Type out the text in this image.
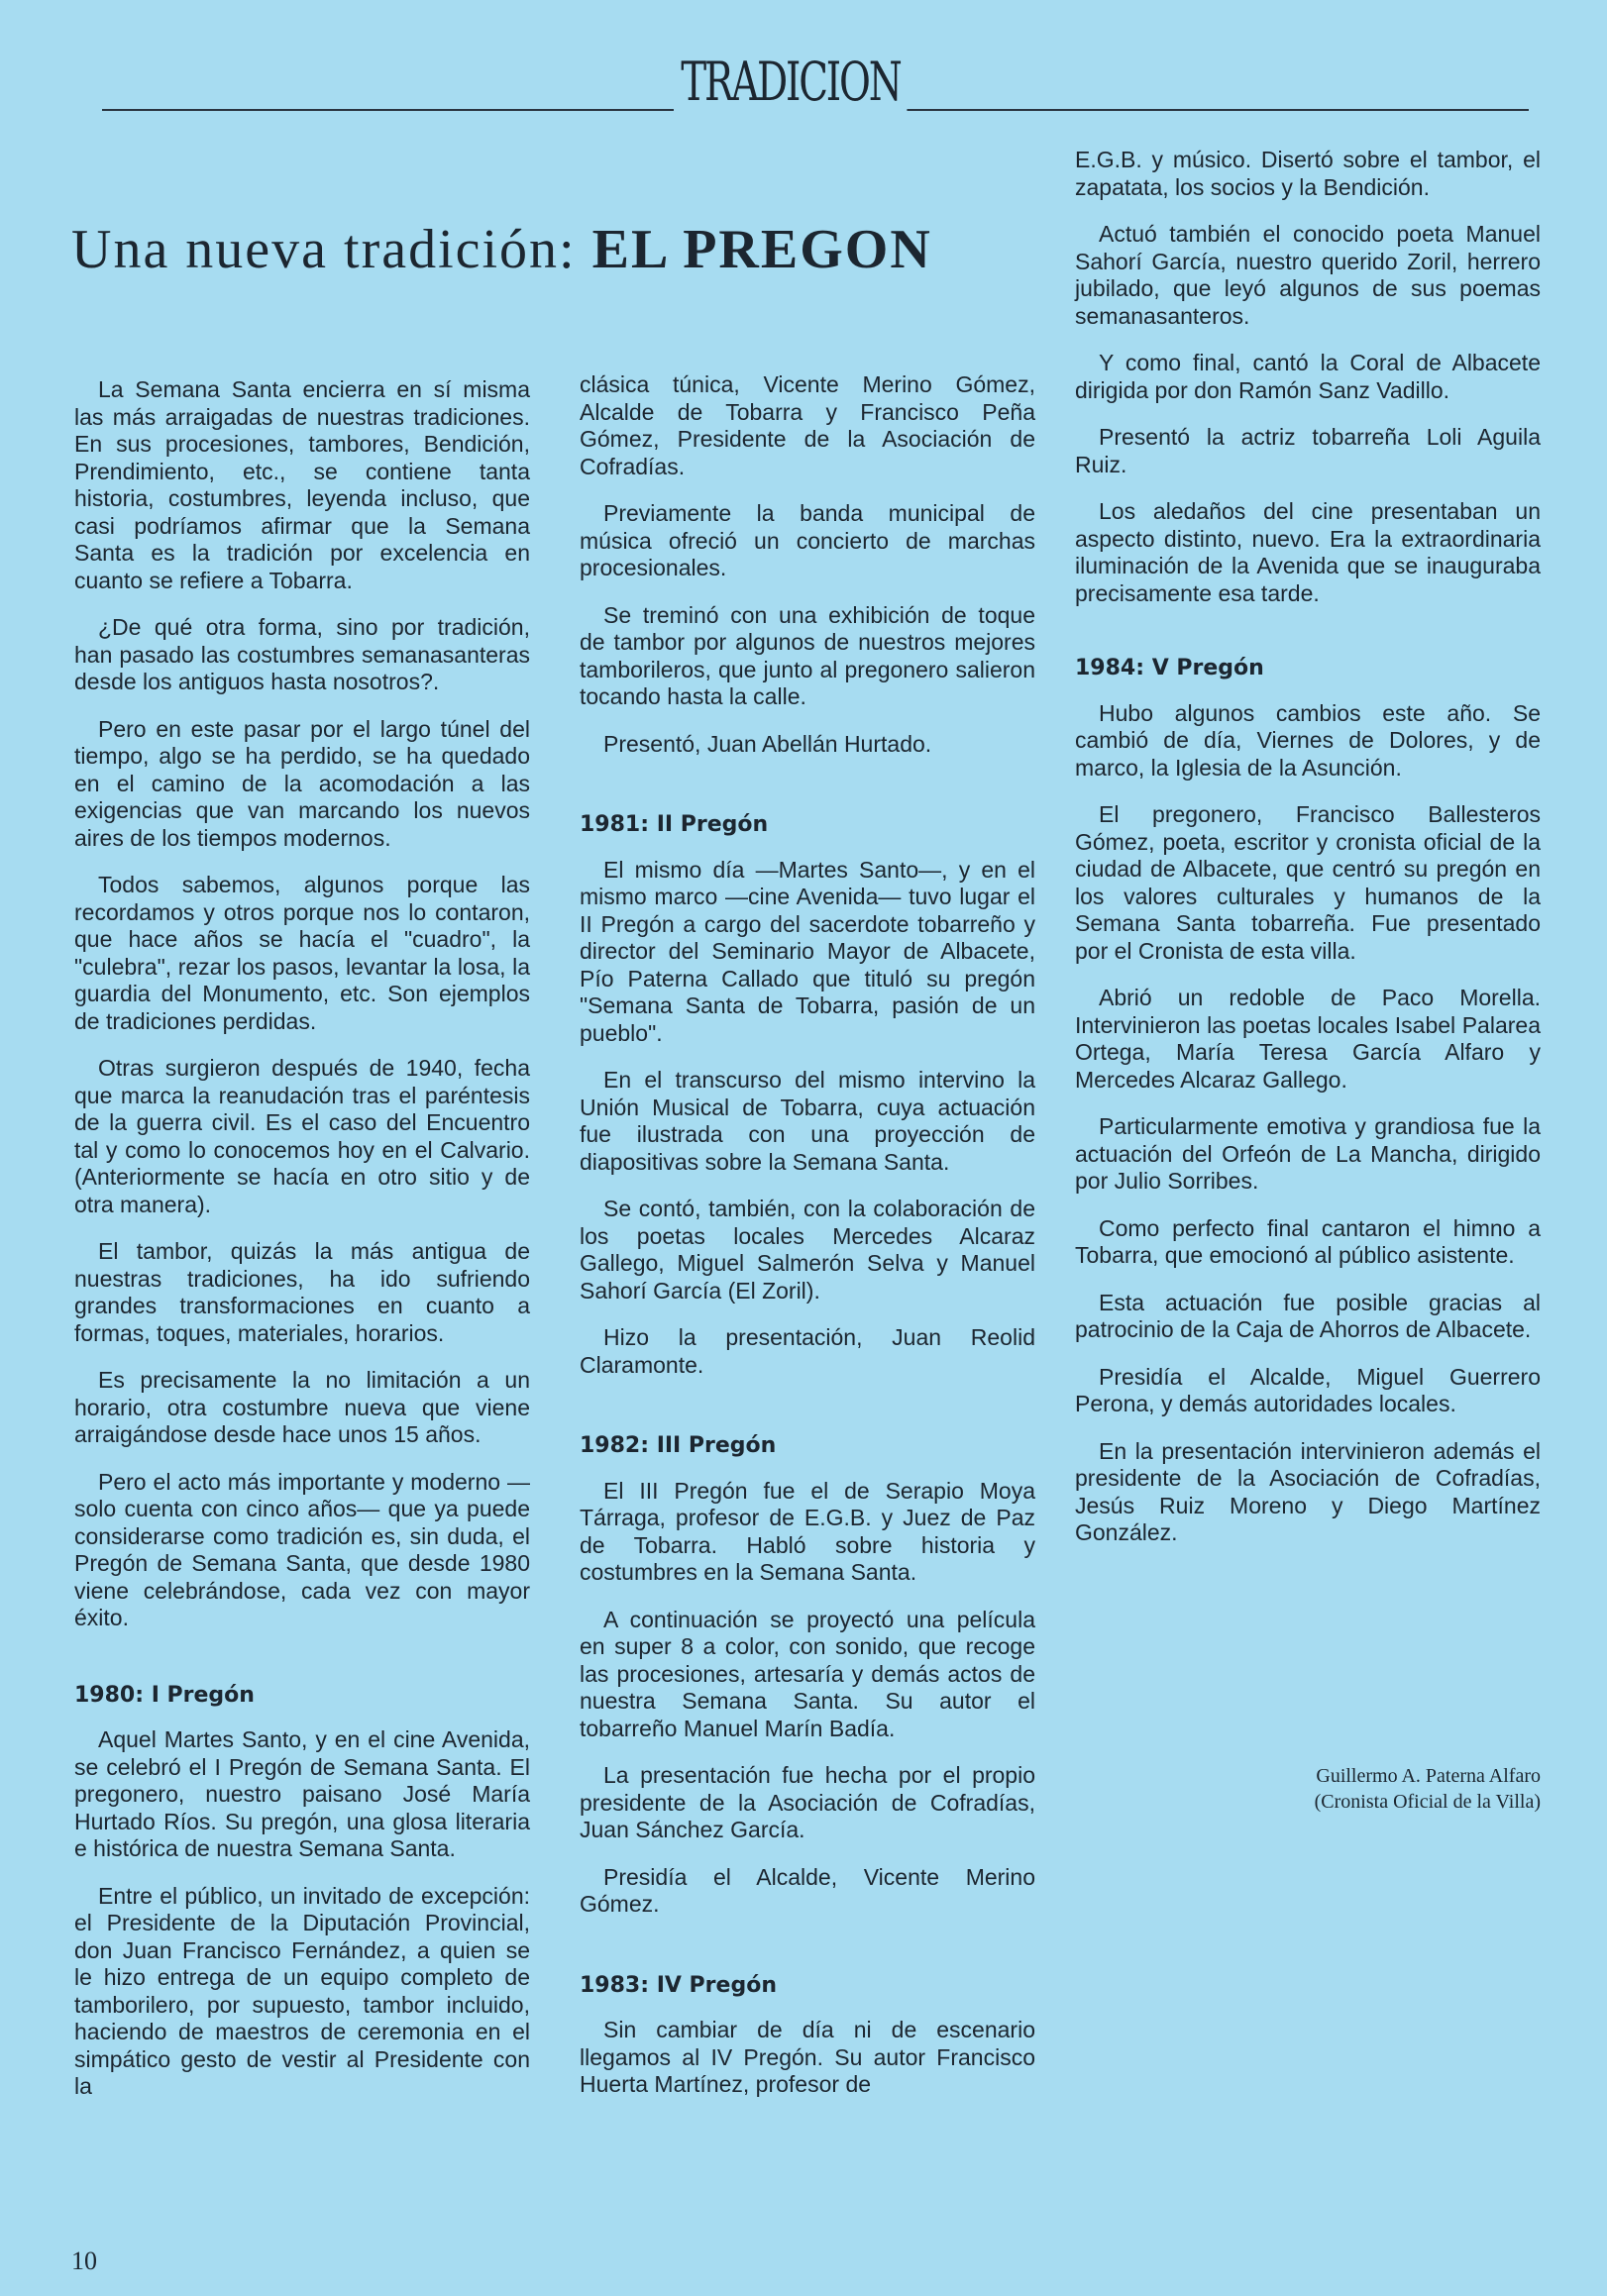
TRADICION
Una nueva tradición: EL PREGON

La Semana Santa encierra en sí misma las más arraigadas de nuestras tradiciones. En sus procesiones, tambores, Bendición, Prendimiento, etc., se contiene tanta historia, costumbres, leyenda incluso, que casi podríamos afirmar que la Semana Santa es la tradición por excelencia en cuanto se refiere a Tobarra.

¿De qué otra forma, sino por tradición, han pasado las costumbres semanasanteras desde los antiguos hasta nosotros?.

Pero en este pasar por el largo túnel del tiempo, algo se ha perdido, se ha quedado en el camino de la acomodación a las exigencias que van marcando los nuevos aires de los tiempos modernos.

Todos sabemos, algunos porque las recordamos y otros porque nos lo contaron, que hace años se hacía el "cuadro", la "culebra", rezar los pasos, levantar la losa, la guardia del Monumento, etc. Son ejemplos de tradiciones perdidas.

Otras surgieron después de 1940, fecha que marca la reanudación tras el paréntesis de la guerra civil. Es el caso del Encuentro tal y como lo conocemos hoy en el Calvario. (Anteriormente se hacía en otro sitio y de otra manera).

El tambor, quizás la más antigua de nuestras tradiciones, ha ido sufriendo grandes transformaciones en cuanto a formas, toques, materiales, horarios.

Es precisamente la no limitación a un horario, otra costumbre nueva que viene arraigándose desde hace unos 15 años.

Pero el acto más importante y moderno —solo cuenta con cinco años— que ya puede considerarse como tradición es, sin duda, el Pregón de Semana Santa, que desde 1980 viene celebrándose, cada vez con mayor éxito.

1980: I Pregón

Aquel Martes Santo, y en el cine Avenida, se celebró el I Pregón de Semana Santa. El pregonero, nuestro paisano José María Hurtado Ríos. Su pregón, una glosa literaria e histórica de nuestra Semana Santa.

Entre el público, un invitado de excepción: el Presidente de la Diputación Provincial, don Juan Francisco Fernández, a quien se le hizo entrega de un equipo completo de tamborilero, por supuesto, tambor incluido, haciendo de maestros de ceremonia en el simpático gesto de vestir al Presidente con la

clásica túnica, Vicente Merino Gómez, Alcalde de Tobarra y Francisco Peña Gómez, Presidente de la Asociación de Cofradías.

Previamente la banda municipal de música ofreció un concierto de marchas procesionales.

Se treminó con una exhibición de toque de tambor por algunos de nuestros mejores tamborileros, que junto al pregonero salieron tocando hasta la calle.

Presentó, Juan Abellán Hurtado.

1981: II Pregón

El mismo día —Martes Santo—, y en el mismo marco —cine Avenida— tuvo lugar el II Pregón a cargo del sacerdote tobarreño y director del Seminario Mayor de Albacete, Pío Paterna Callado que tituló su pregón "Semana Santa de Tobarra, pasión de un pueblo".

En el transcurso del mismo intervino la Unión Musical de Tobarra, cuya actuación fue ilustrada con una proyección de diapositivas sobre la Semana Santa.

Se contó, también, con la colaboración de los poetas locales Mercedes Alcaraz Gallego, Miguel Salmerón Selva y Manuel Sahorí García (El Zoril).

Hizo la presentación, Juan Reolid Claramonte.

1982: III Pregón

El III Pregón fue el de Serapio Moya Tárraga, profesor de E.G.B. y Juez de Paz de Tobarra. Habló sobre historia y costumbres en la Semana Santa.

A continuación se proyectó una película en super 8 a color, con sonido, que recoge las procesiones, artesaría y demás actos de nuestra Semana Santa. Su autor el tobarreño Manuel Marín Badía.

La presentación fue hecha por el propio presidente de la Asociación de Cofradías, Juan Sánchez García.

Presidía el Alcalde, Vicente Merino Gómez.

1983: IV Pregón

Sin cambiar de día ni de escenario llegamos al IV Pregón. Su autor Francisco Huerta Martínez, profesor de

E.G.B. y músico. Disertó sobre el tambor, el zapatata, los socios y la Bendición.

Actuó también el conocido poeta Manuel Sahorí García, nuestro querido Zoril, herrero jubilado, que leyó algunos de sus poemas semanasanteros.

Y como final, cantó la Coral de Albacete dirigida por don Ramón Sanz Vadillo.

Presentó la actriz tobarreña Loli Aguila Ruiz.

Los aledaños del cine presentaban un aspecto distinto, nuevo. Era la extraordinaria iluminación de la Avenida que se inauguraba precisamente esa tarde.

1984: V Pregón

Hubo algunos cambios este año. Se cambió de día, Viernes de Dolores, y de marco, la Iglesia de la Asunción.

El pregonero, Francisco Ballesteros Gómez, poeta, escritor y cronista oficial de la ciudad de Albacete, que centró su pregón en los valores culturales y humanos de la Semana Santa tobarreña. Fue presentado por el Cronista de esta villa.

Abrió un redoble de Paco Morella. Intervinieron las poetas locales Isabel Palarea Ortega, María Teresa García Alfaro y Mercedes Alcaraz Gallego.

Particularmente emotiva y grandiosa fue la actuación del Orfeón de La Mancha, dirigido por Julio Sorribes.

Como perfecto final cantaron el himno a Tobarra, que emocionó al público asistente.

Esta actuación fue posible gracias al patrocinio de la Caja de Ahorros de Albacete.

Presidía el Alcalde, Miguel Guerrero Perona, y demás autoridades locales.

En la presentación intervinieron además el presidente de la Asociación de Cofradías, Jesús Ruiz Moreno y Diego Martínez González.

Guillermo A. Paterna Alfaro
(Cronista Oficial de la Villa)
10
